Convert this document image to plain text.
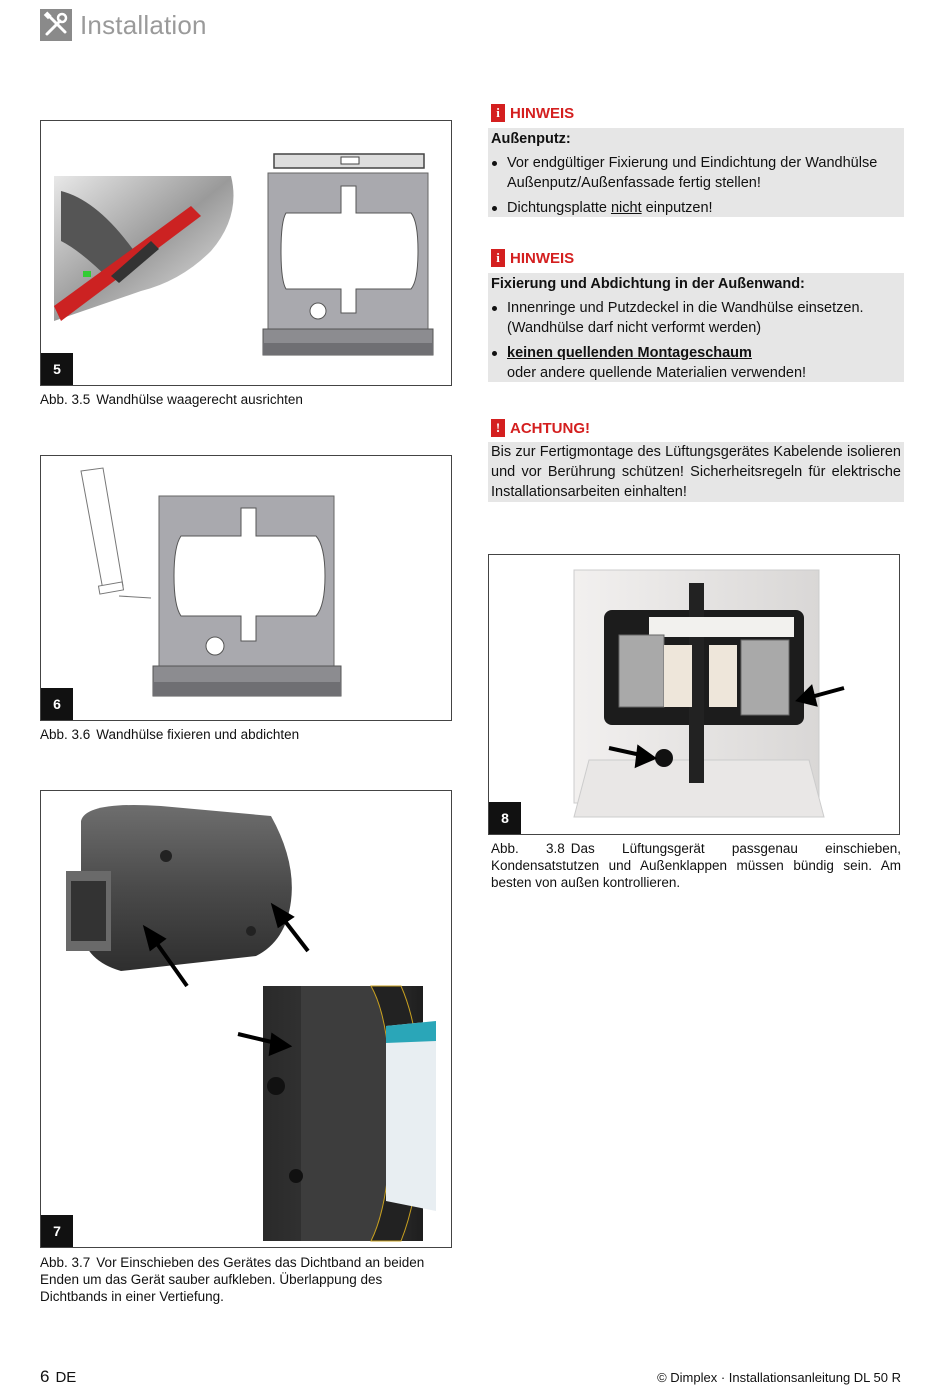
Installation
5
Abb. 3.5 Wandhülse waagerecht ausrichten
6
Abb. 3.6 Wandhülse fixieren und abdichten
7
Abb. 3.7 Vor Einschieben des Gerätes das Dichtband an beiden Enden um das Gerät sauber aufkleben. Überlappung des Dichtbands in einer Vertiefung.
i HINWEIS
Außenputz:
Vor endgültiger Fixierung und Eindichtung der Wandhülse Außenputz/Außenfassade fertig stellen!
Dichtungsplatte nicht einputzen!
i HINWEIS
Fixierung und Abdichtung in der Außenwand:
Innenringe und Putzdeckel in die Wandhülse einsetzen. (Wandhülse darf nicht verformt werden)
keinen quellenden Montageschaum
oder andere quellende Materialien verwenden!
! ACHTUNG!
Bis zur Fertigmontage des Lüftungsgerätes Kabelende isolieren und vor Berührung schützen! Sicherheitsregeln für elektrische Installationsarbeiten einhalten!
8
Abb. 3.8 Das Lüftungsgerät passgenau einschieben, Kondensatstutzen und Außenklappen müssen bündig sein. Am besten von außen kontrollieren.
6 DE	© Dimplex · Installationsanleitung DL 50 R
